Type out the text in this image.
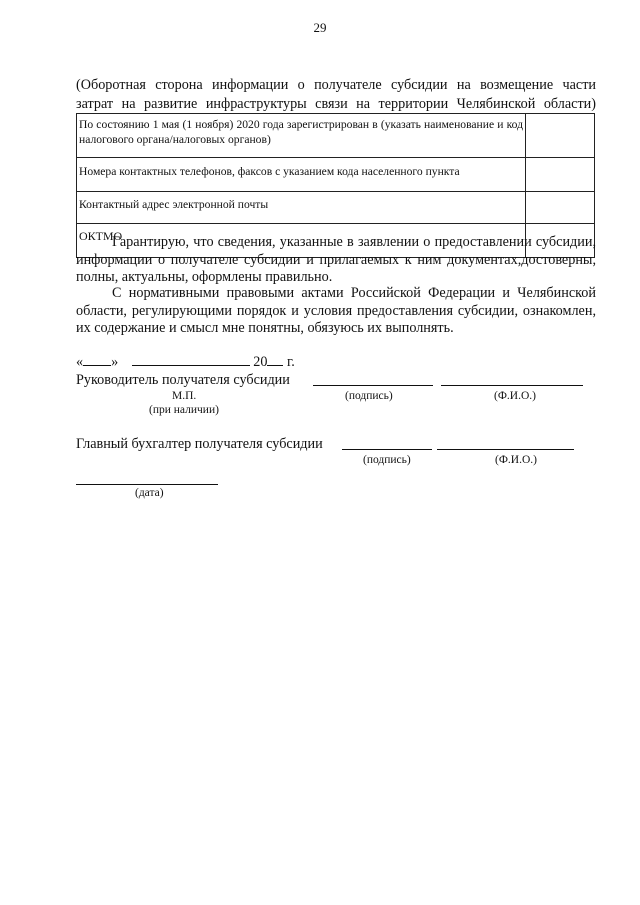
29
(Оборотная сторона информации о получателе субсидии на возмещение части
затрат на развитие инфраструктуры связи на территории Челябинской области)
По состоянию 1 мая (1 ноября) 2020 года зарегистрирован в (указать наименование и код налогового органа/налоговых органов)	
Номера контактных телефонов, факсов с указанием кода населенного пункта	
Контактный адрес электронной почты	
ОКТМО	
Гарантирую, что сведения, указанные в заявлении о предоставлении субсидии, информации о получателе субсидии и прилагаемых к ним документах,достоверны, полны, актуальны, оформлены правильно.
С нормативными правовыми актами Российской Федерации и Челябинской области, регулирующими порядок и условия предоставления субсидии, ознакомлен, их содержание и смысл мне понятны, обязуюсь их выполнять.
« »	20 г.
Руководитель получателя субсидии
М.П.	(подпись)	(Ф.И.О.)
(при наличии)
Главный бухгалтер получателя субсидии
(подпись)	(Ф.И.О.)
(дата)
